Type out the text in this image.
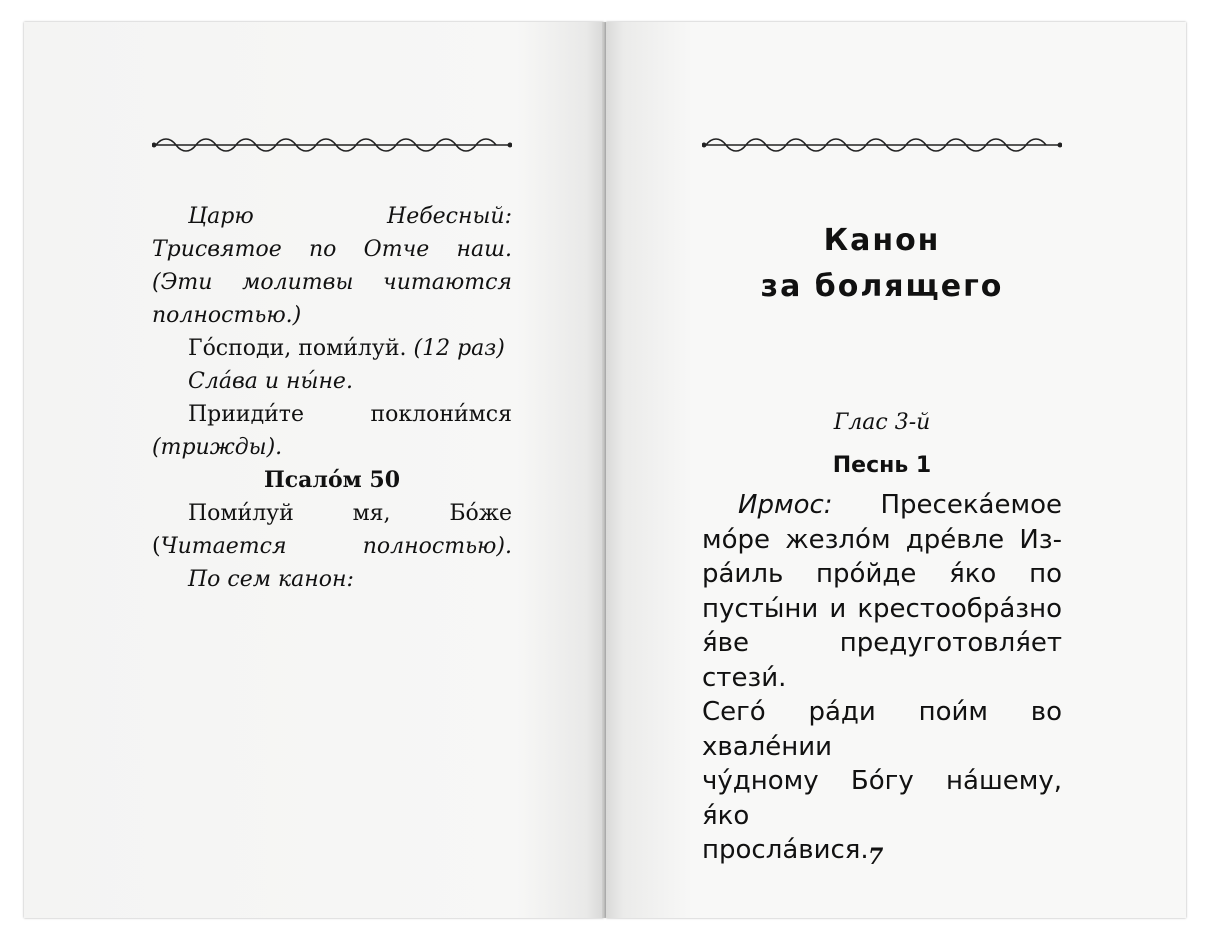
Царю Небесный: Трисвятое по Отче наш. (Эти молитвы читаются полностью.)

Го́споди, поми́луй. (12 раз)

Сла́ва и ны́не.

Прииди́те поклони́мся
(трижды).

Псало́м 50

Поми́луй мя, Бо́же (Читается полностью).

По сем канон:

Канон
за болящего
Глас 3-й
Песнь 1
Ирмос: Пресека́емое
мо́ре жезло́м дре́вле Из-
ра́иль про́йде я́ко по
пусты́ни и крестообра́зно
я́ве предуготовля́ет стези́.
Сего́ ра́ди пои́м во хвале́нии
чу́дному Бо́гу на́шему, я́ко
просла́вися. 7
